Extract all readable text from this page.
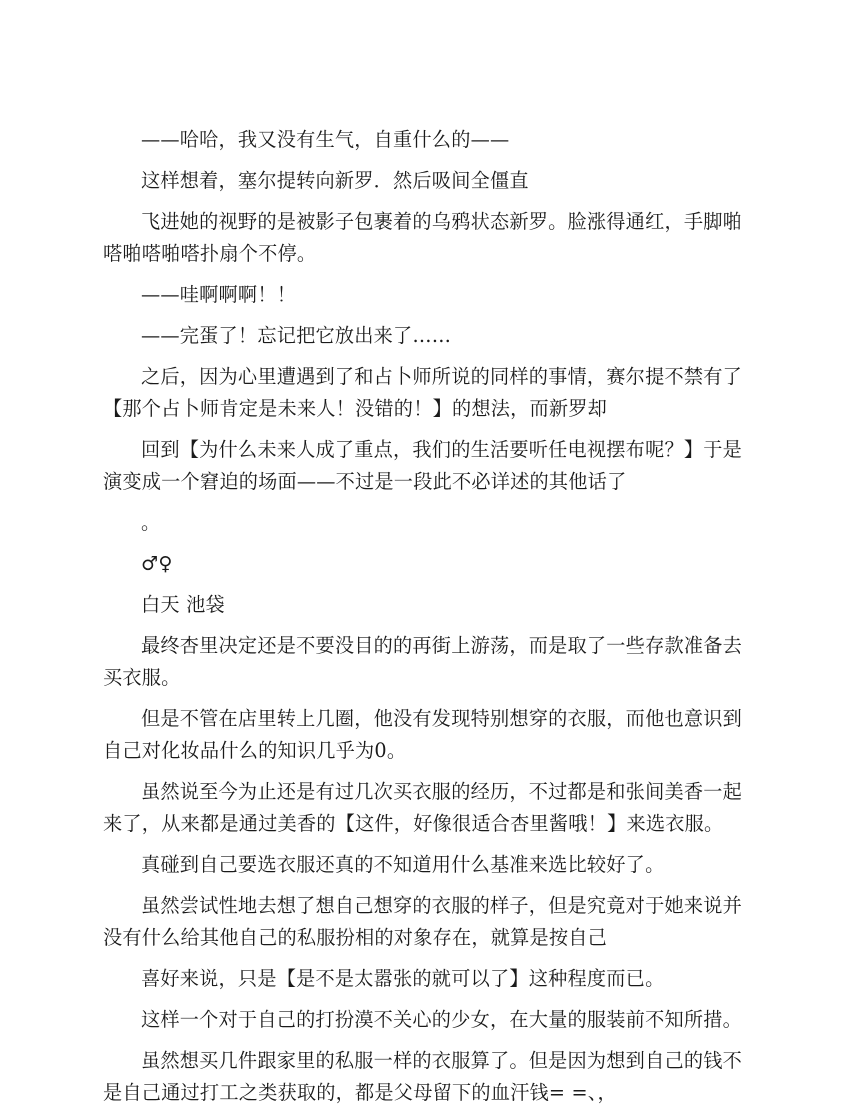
——哈哈，我又没有生气，自重什么的——

这样想着，塞尔提转向新罗．然后吸间全僵直

飞进她的视野的是被影子包裹着的乌鸦状态新罗。脸涨得通红，手脚啪嗒啪嗒啪嗒扑扇个不停。

——哇啊啊啊！！

——完蛋了！忘记把它放出来了……

之后，因为心里遭遇到了和占卜师所说的同样的事情，赛尔提不禁有了【那个占卜师肯定是未来人！没错的！】的想法，而新罗却

回到【为什么未来人成了重点，我们的生活要听任电视摆布呢？】于是演变成一个窘迫的场面——不过是一段此不必详述的其他话了

。

♂♀

白天 池袋

最终杏里决定还是不要没目的的再街上游荡，而是取了一些存款准备去买衣服。

但是不管在店里转上几圈，他没有发现特别想穿的衣服，而他也意识到自己对化妆品什么的知识几乎为0。

虽然说至今为止还是有过几次买衣服的经历，不过都是和张间美香一起来了，从来都是通过美香的【这件，好像很适合杏里酱哦！】来选衣服。

真碰到自己要选衣服还真的不知道用什么基准来选比较好了。

虽然尝试性地去想了想自己想穿的衣服的样子，但是究竟对于她来说并没有什么给其他自己的私服扮相的对象存在，就算是按自己

喜好来说，只是【是不是太嚣张的就可以了】这种程度而已。

这样一个对于自己的打扮漠不关心的少女，在大量的服装前不知所措。

虽然想买几件跟家里的私服一样的衣服算了。但是因为想到自己的钱不是自己通过打工之类获取的，都是父母留下的血汗钱= =、，
